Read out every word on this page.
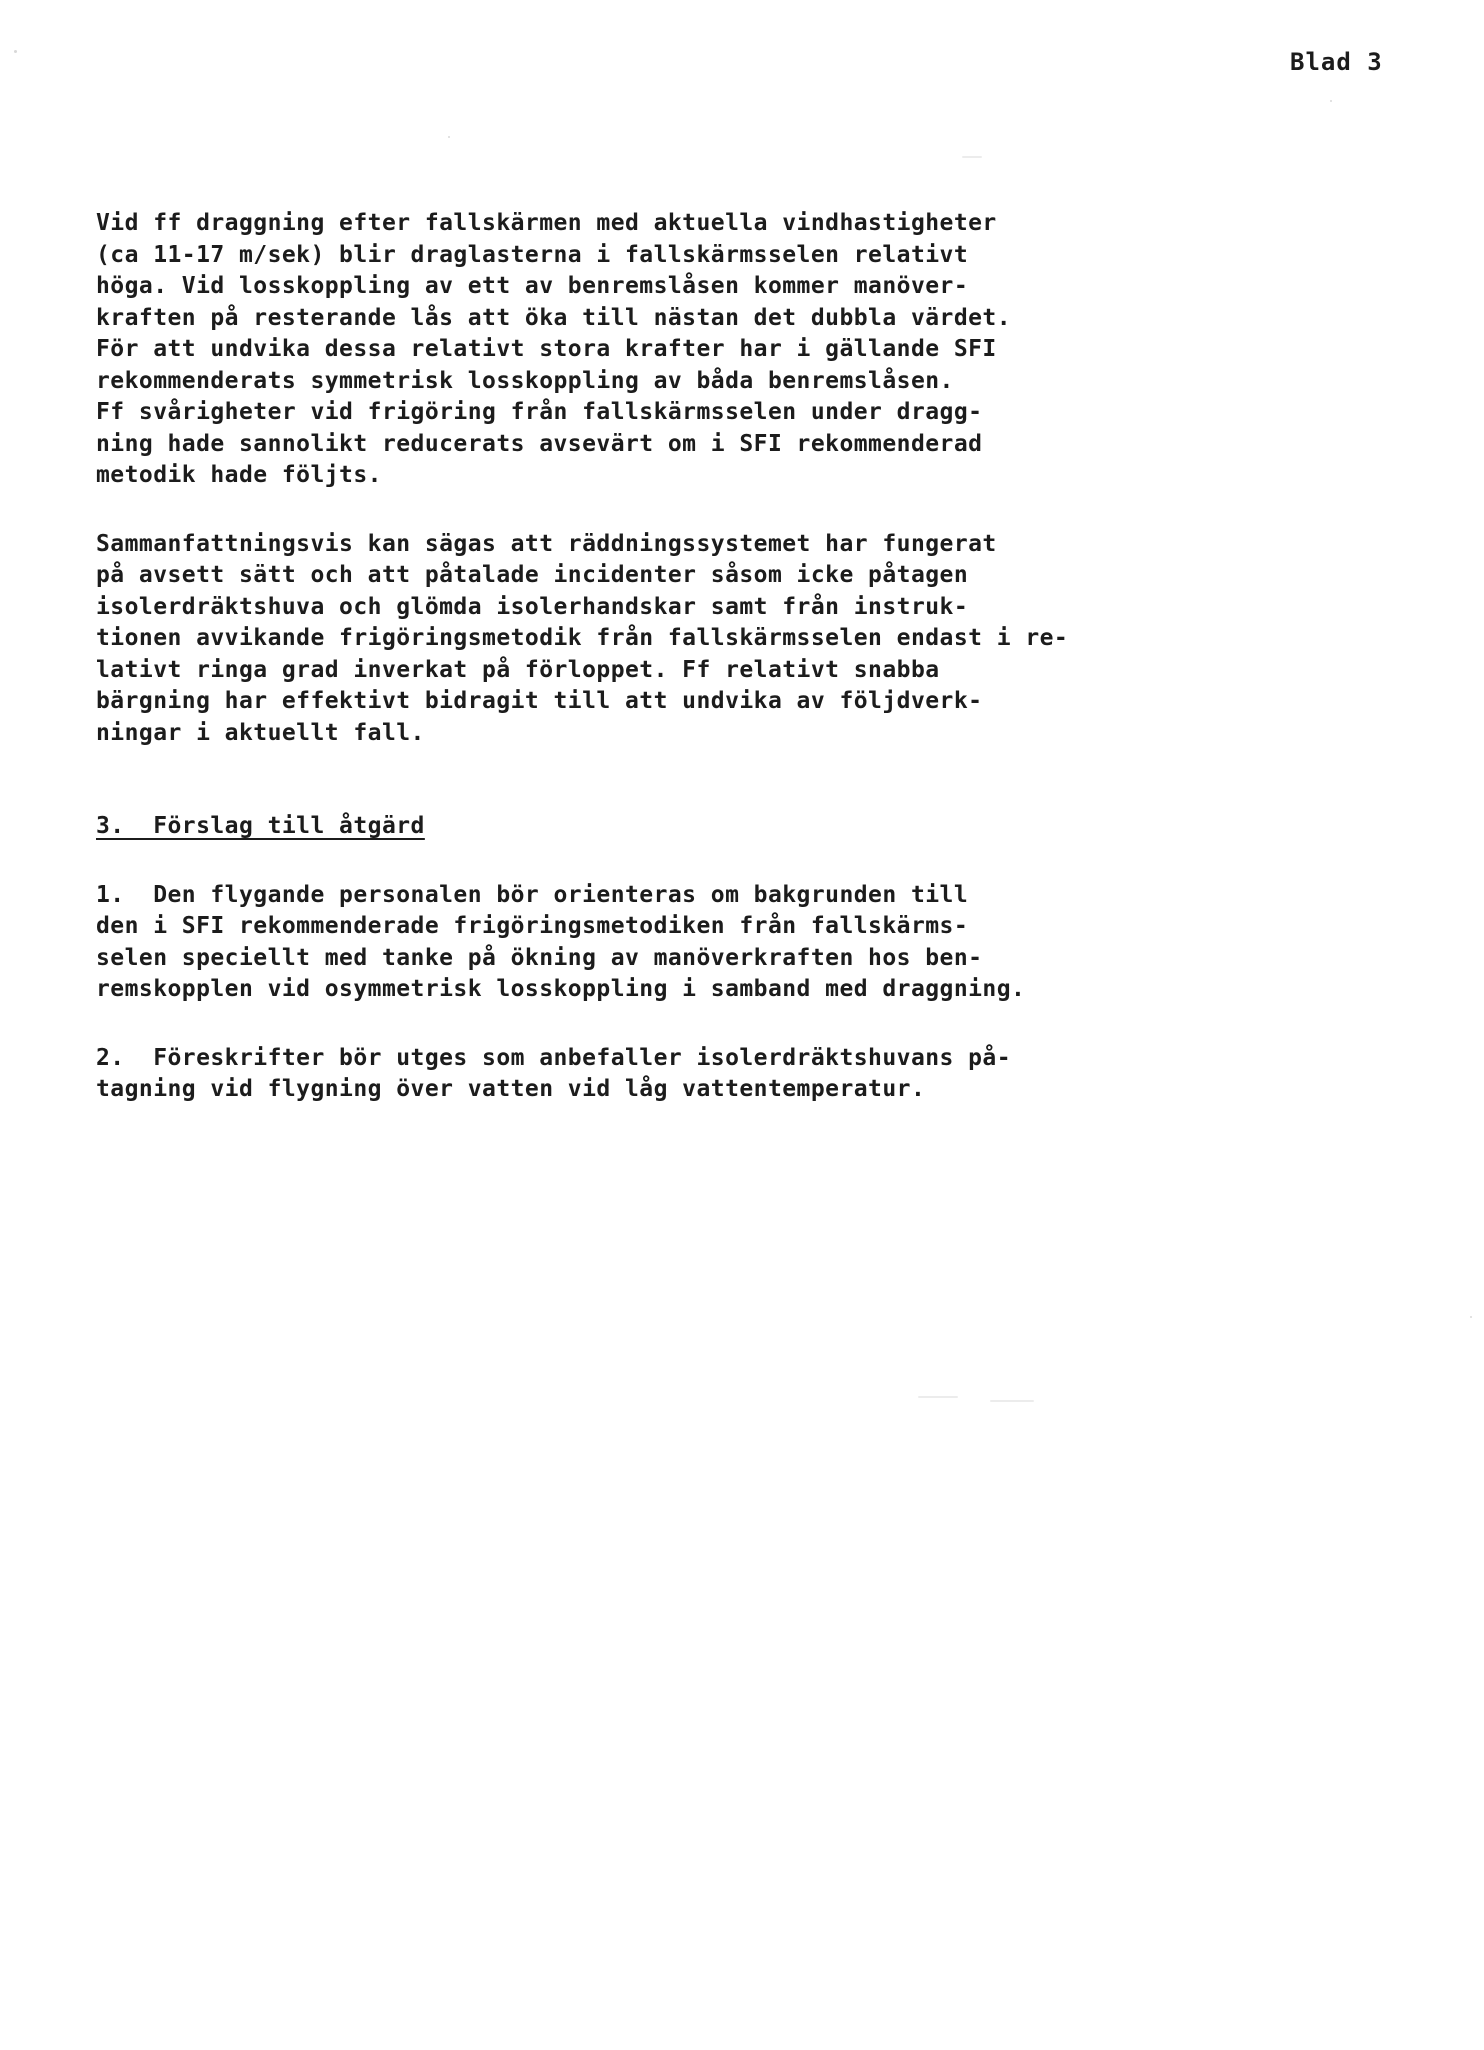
Blad 3
Vid ff draggning efter fallskärmen med aktuella vindhastigheter
(ca 11-17 m/sek) blir draglasterna i fallskärmsselen relativt
höga. Vid losskoppling av ett av benremslåsen kommer manöver-
kraften på resterande lås att öka till nästan det dubbla värdet.
För att undvika dessa relativt stora krafter har i gällande SFI
rekommenderats symmetrisk losskoppling av båda benremslåsen.
Ff svårigheter vid frigöring från fallskärmsselen under dragg-
ning hade sannolikt reducerats avsevärt om i SFI rekommenderad
metodik hade följts.
Sammanfattningsvis kan sägas att räddningssystemet har fungerat
på avsett sätt och att påtalade incidenter såsom icke påtagen
isolerdräktshuva och glömda isolerhandskar samt från instruk-
tionen avvikande frigöringsmetodik från fallskärmsselen endast i re-
lativt ringa grad inverkat på förloppet. Ff relativt snabba
bärgning har effektivt bidragit till att undvika av följdverk-
ningar i aktuellt fall.
3.  Förslag till åtgärd
1.  Den flygande personalen bör orienteras om bakgrunden till
den i SFI rekommenderade frigöringsmetodiken från fallskärms-
selen speciellt med tanke på ökning av manöverkraften hos ben-
remskopplen vid osymmetrisk losskoppling i samband med draggning.
2.  Föreskrifter bör utges som anbefaller isolerdräktshuvans på-
tagning vid flygning över vatten vid låg vattentemperatur.
